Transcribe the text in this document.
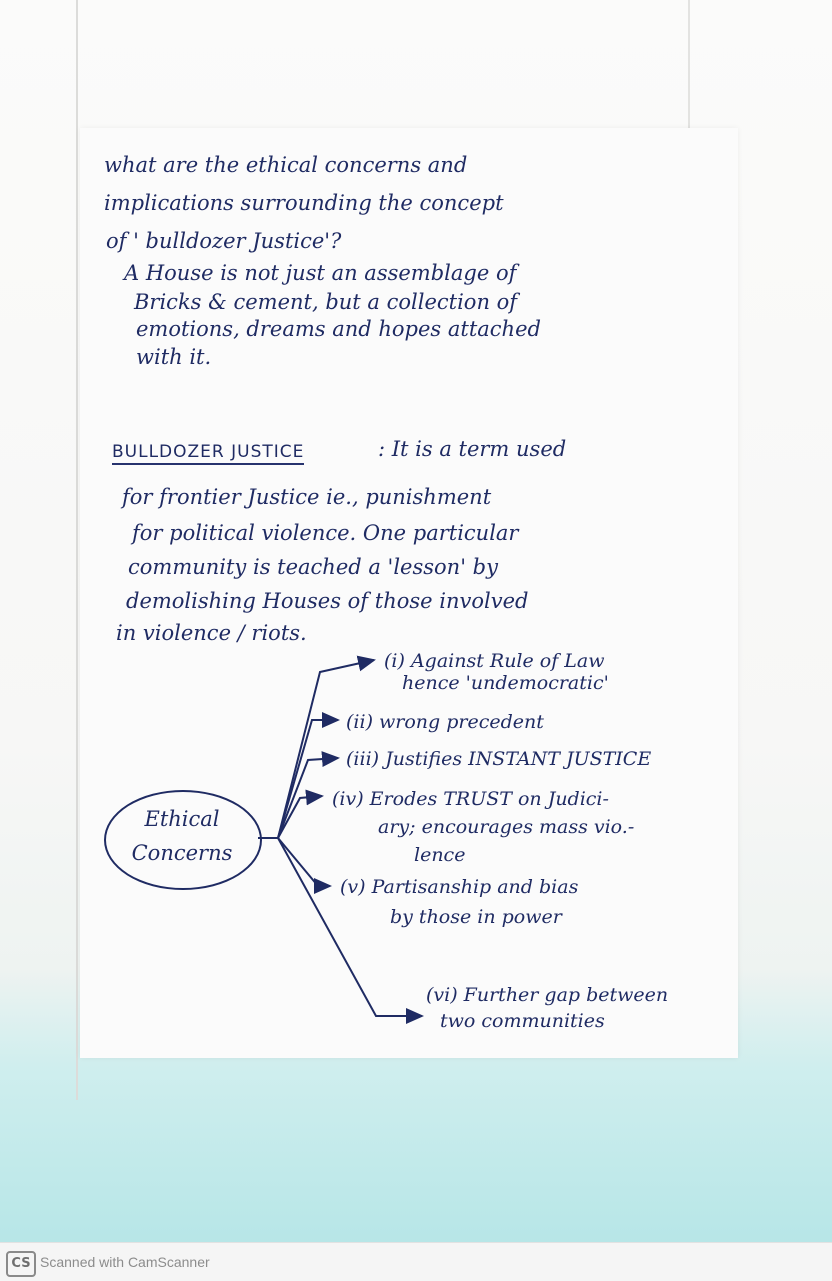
what are the ethical concerns and
implications surrounding the concept
of ' bulldozer Justice'?
A House is not just an assemblage of
Bricks & cement, but a collection of
emotions, dreams and hopes attached
with it.
BULLDOZER JUSTICE	: It is a term used
for frontier Justice ie., punishment
for political violence. One particular
community is teached a 'lesson' by
demolishing Houses of those involved
in violence / riots.
Ethical
Concerns
(i) Against Rule of Law
hence 'undemocratic'
(ii) wrong precedent
(iii) Justifies INSTANT JUSTICE
(iv) Erodes TRUST on Judici-
ary; encourages mass vio.-
lence
(v) Partisanship and bias
by those in power
(vi) Further gap between
two communities
CS Scanned with CamScanner
